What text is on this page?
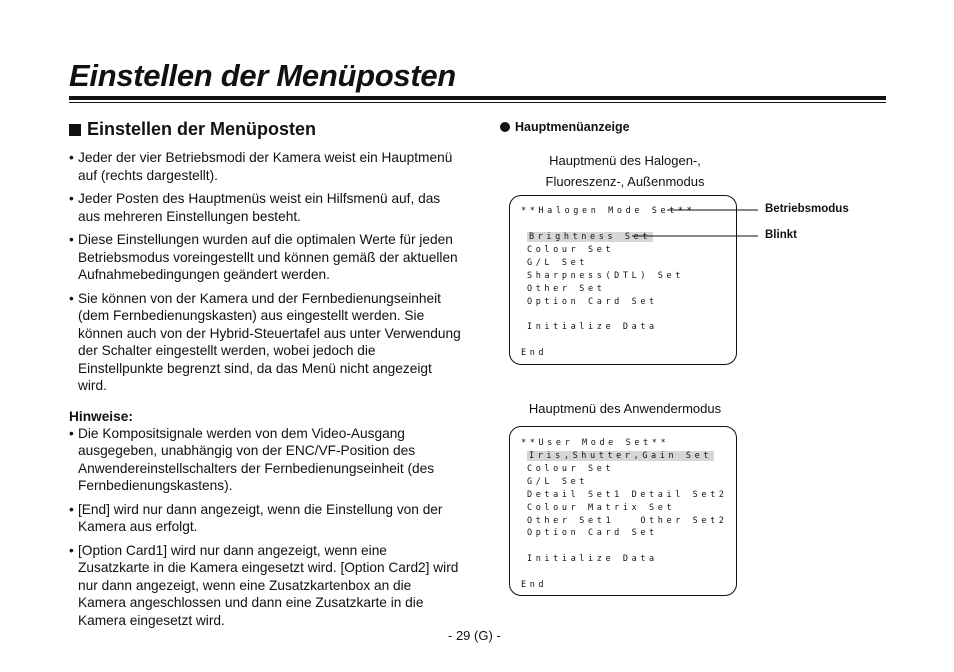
Einstellen der Menüposten
Einstellen der Menüposten
• Jeder der vier Betriebsmodi der Kamera weist ein Hauptmenü auf (rechts dargestellt).
• Jeder Posten des Hauptmenüs weist ein Hilfsmenü auf, das aus mehreren Einstellungen besteht.
• Diese Einstellungen wurden auf die optimalen Werte für jeden Betriebsmodus voreingestellt und können gemäß der aktuellen Aufnahmebedingungen geändert werden.
• Sie können von der Kamera und der Fernbedienungseinheit (dem Fernbedienungskasten) aus eingestellt werden. Sie können auch von der Hybrid-Steuertafel aus unter Verwendung der Schalter eingestellt werden, wobei jedoch die Einstellpunkte begrenzt sind, da das Menü nicht angezeigt wird.
Hinweise:
• Die Kompositsignale werden von dem Video-Ausgang ausgegeben, unabhängig von der ENC/VF-Position des Anwendereinstellschalters der Fernbedienungseinheit (des Fernbedienungskastens).
• [End] wird nur dann angezeigt, wenn die Einstellung von der Kamera aus erfolgt.
• [Option Card1] wird nur dann angezeigt, wenn eine Zusatzkarte in die Kamera eingesetzt wird. [Option Card2] wird nur dann angezeigt, wenn eine Zusatzkartenbox an die Kamera angeschlossen und dann eine Zusatzkarte in die Kamera eingesetzt wird.
Hauptmenüanzeige
Hauptmenü des Halogen-, Fluoreszenz-, Außenmodus
**Halogen Mode Set**
Brightness Set
Colour Set
G/L Set
Sharpness(DTL) Set
Other Set
Option Card Set
Initialize Data
End
Betriebsmodus
Blinkt
Hauptmenü des Anwendermodus
**User Mode Set**
Iris,Shutter,Gain Set
Colour Set
G/L Set
Detail Set1 Detail Set2
Colour Matrix Set
Other Set1   Other Set2
Option Card Set
Initialize Data
End
- 29 (G) -
